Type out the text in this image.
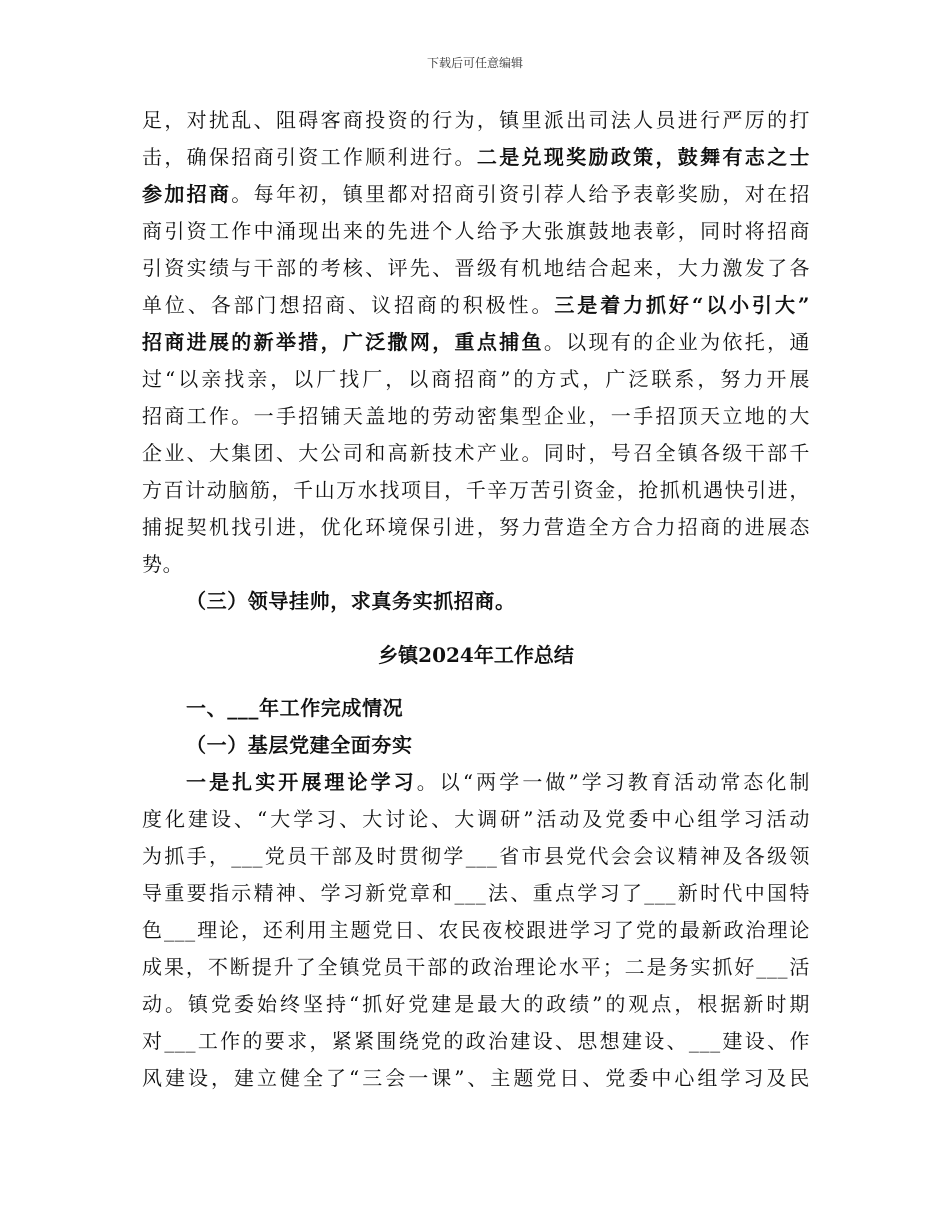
下载后可任意编辑
足，对扰乱、阻碍客商投资的行为，镇里派出司法人员进行严厉的打
击，确保招商引资工作顺利进行。二是兑现奖励政策，鼓舞有志之士
参加招商。每年初，镇里都对招商引资引荐人给予表彰奖励，对在招
商引资工作中涌现出来的先进个人给予大张旗鼓地表彰，同时将招商
引资实绩与干部的考核、评先、晋级有机地结合起来，大力激发了各
单位、各部门想招商、议招商的积极性。三是着力抓好“以小引大”
招商进展的新举措，广泛撒网，重点捕鱼。以现有的企业为依托，通
过“以亲找亲，以厂找厂，以商招商”的方式，广泛联系，努力开展
招商工作。一手招铺天盖地的劳动密集型企业，一手招顶天立地的大
企业、大集团、大公司和高新技术产业。同时，号召全镇各级干部千
方百计动脑筋，千山万水找项目，千辛万苦引资金，抢抓机遇快引进，
捕捉契机找引进，优化环境保引进，努力营造全方合力招商的进展态
势。
（三）领导挂帅，求真务实抓招商。
乡镇2024年工作总结
一、___年工作完成情况
（一）基层党建全面夯实
一是扎实开展理论学习。以“两学一做”学习教育活动常态化制
度化建设、“大学习、大讨论、大调研”活动及党委中心组学习活动
为抓手，___党员干部及时贯彻学___省市县党代会会议精神及各级领
导重要指示精神、学习新党章和___法、重点学习了___新时代中国特
色___理论，还利用主题党日、农民夜校跟进学习了党的最新政治理论
成果，不断提升了全镇党员干部的政治理论水平；二是务实抓好___活
动。镇党委始终坚持“抓好党建是最大的政绩”的观点，根据新时期
对___工作的要求，紧紧围绕党的政治建设、思想建设、___建设、作
风建设，建立健全了“三会一课”、主题党日、党委中心组学习及民
